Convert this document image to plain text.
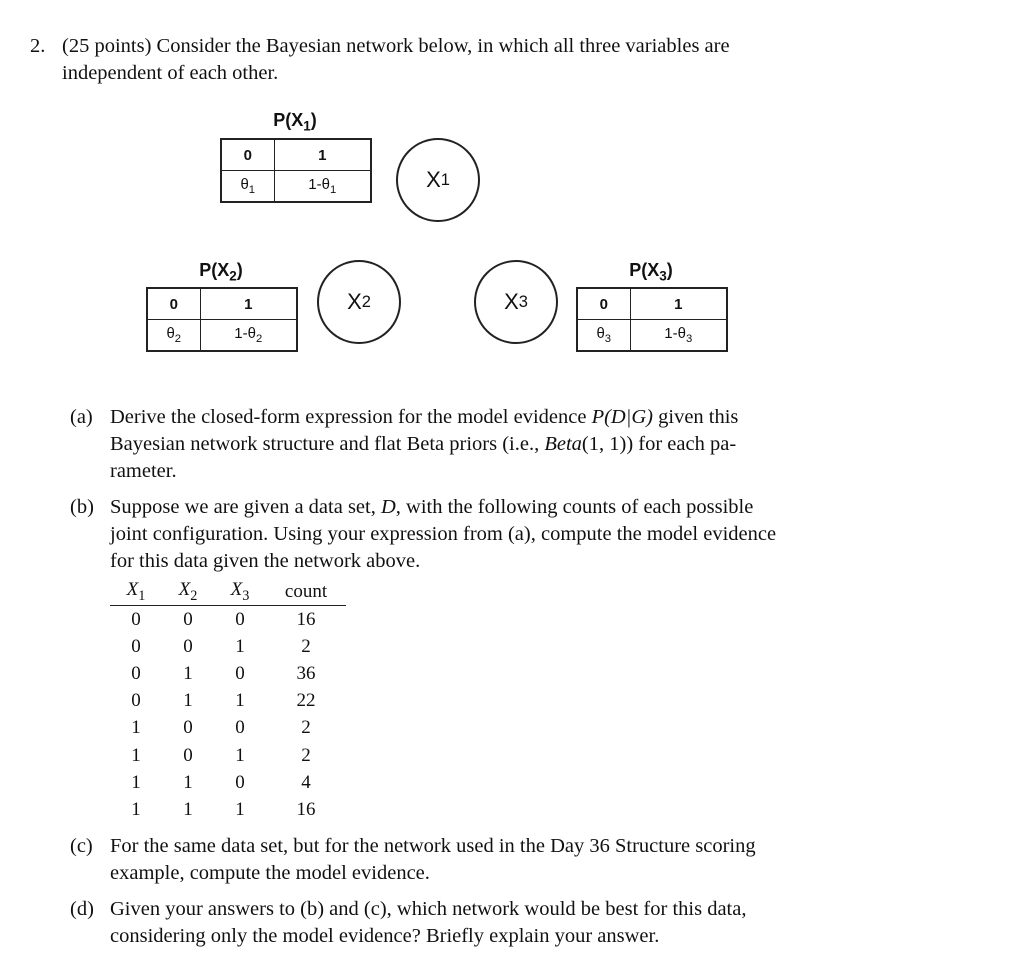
2. (25 points) Consider the Bayesian network below, in which all three variables are
independent of each other.
$P(X_1)$
0	1
$\theta_1$	$1-\theta_1$	X 1
$P(X_2)$
0	1
$\theta_2$	$1-\theta_2$
X 2	X 3
$P(X_3)$
0	1
$\theta_3$	$1-\theta_3$
(a) Derive the closed-form expression for the model evidence P(D|G) given this
Bayesian network structure and flat Beta priors (i.e., Beta(1, 1)) for each pa-
rameter.
(b) Suppose we are given a data set, D, with the following counts of each possible
joint configuration. Using your expression from (a), compute the model evidence
for this data given the network above.
$X_1$	$X_2$	$X_3$	count
0	0	0	16
0	0	1	2
0	1	0	36
0	1	1	22
1	0	0	2
1	0	1	2
1	1	0	4
1	1	1	16
(c) For the same data set, but for the network used in the Day 36 Structure scoring
example, compute the model evidence.
(d) Given your answers to (b) and (c), which network would be best for this data,
considering only the model evidence? Briefly explain your answer.
